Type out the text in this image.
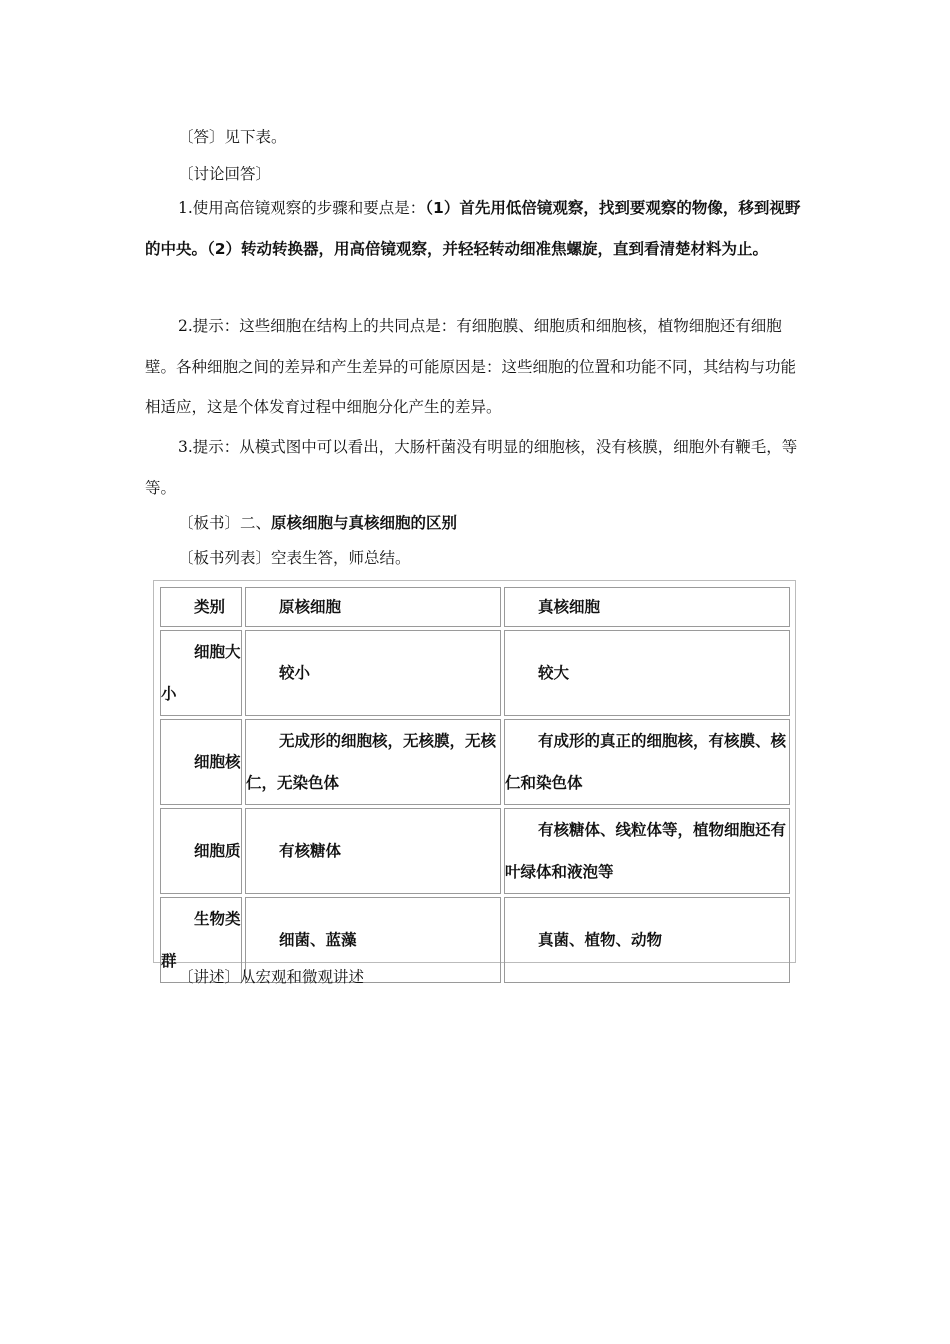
〔答〕见下表。
〔讨论回答〕
1.使用高倍镜观察的步骤和要点是：（1）首先用低倍镜观察，找到要观察的物像，移到视野的中央。（2）转动转换器，用高倍镜观察，并轻轻转动细准焦螺旋，直到看清楚材料为止。
2.提示：这些细胞在结构上的共同点是：有细胞膜、细胞质和细胞核，植物细胞还有细胞壁。各种细胞之间的差异和产生差异的可能原因是：这些细胞的位置和功能不同，其结构与功能相适应，这是个体发育过程中细胞分化产生的差异。
3.提示：从模式图中可以看出，大肠杆菌没有明显的细胞核，没有核膜，细胞外有鞭毛，等等。
〔板书〕二、原核细胞与真核细胞的区别
〔板书列表〕空表生答，师总结。
类别	原核细胞	真核细胞

细胞大小	较小	较大

细胞核	无成形的细胞核，无核膜，无核仁，无染色体	有成形的真正的细胞核，有核膜、核仁和染色体

细胞质	有核糖体	有核糖体、线粒体等，植物细胞还有叶绿体和液泡等

生物类群	细菌、蓝藻	真菌、植物、动物
〔讲述〕从宏观和微观讲述
